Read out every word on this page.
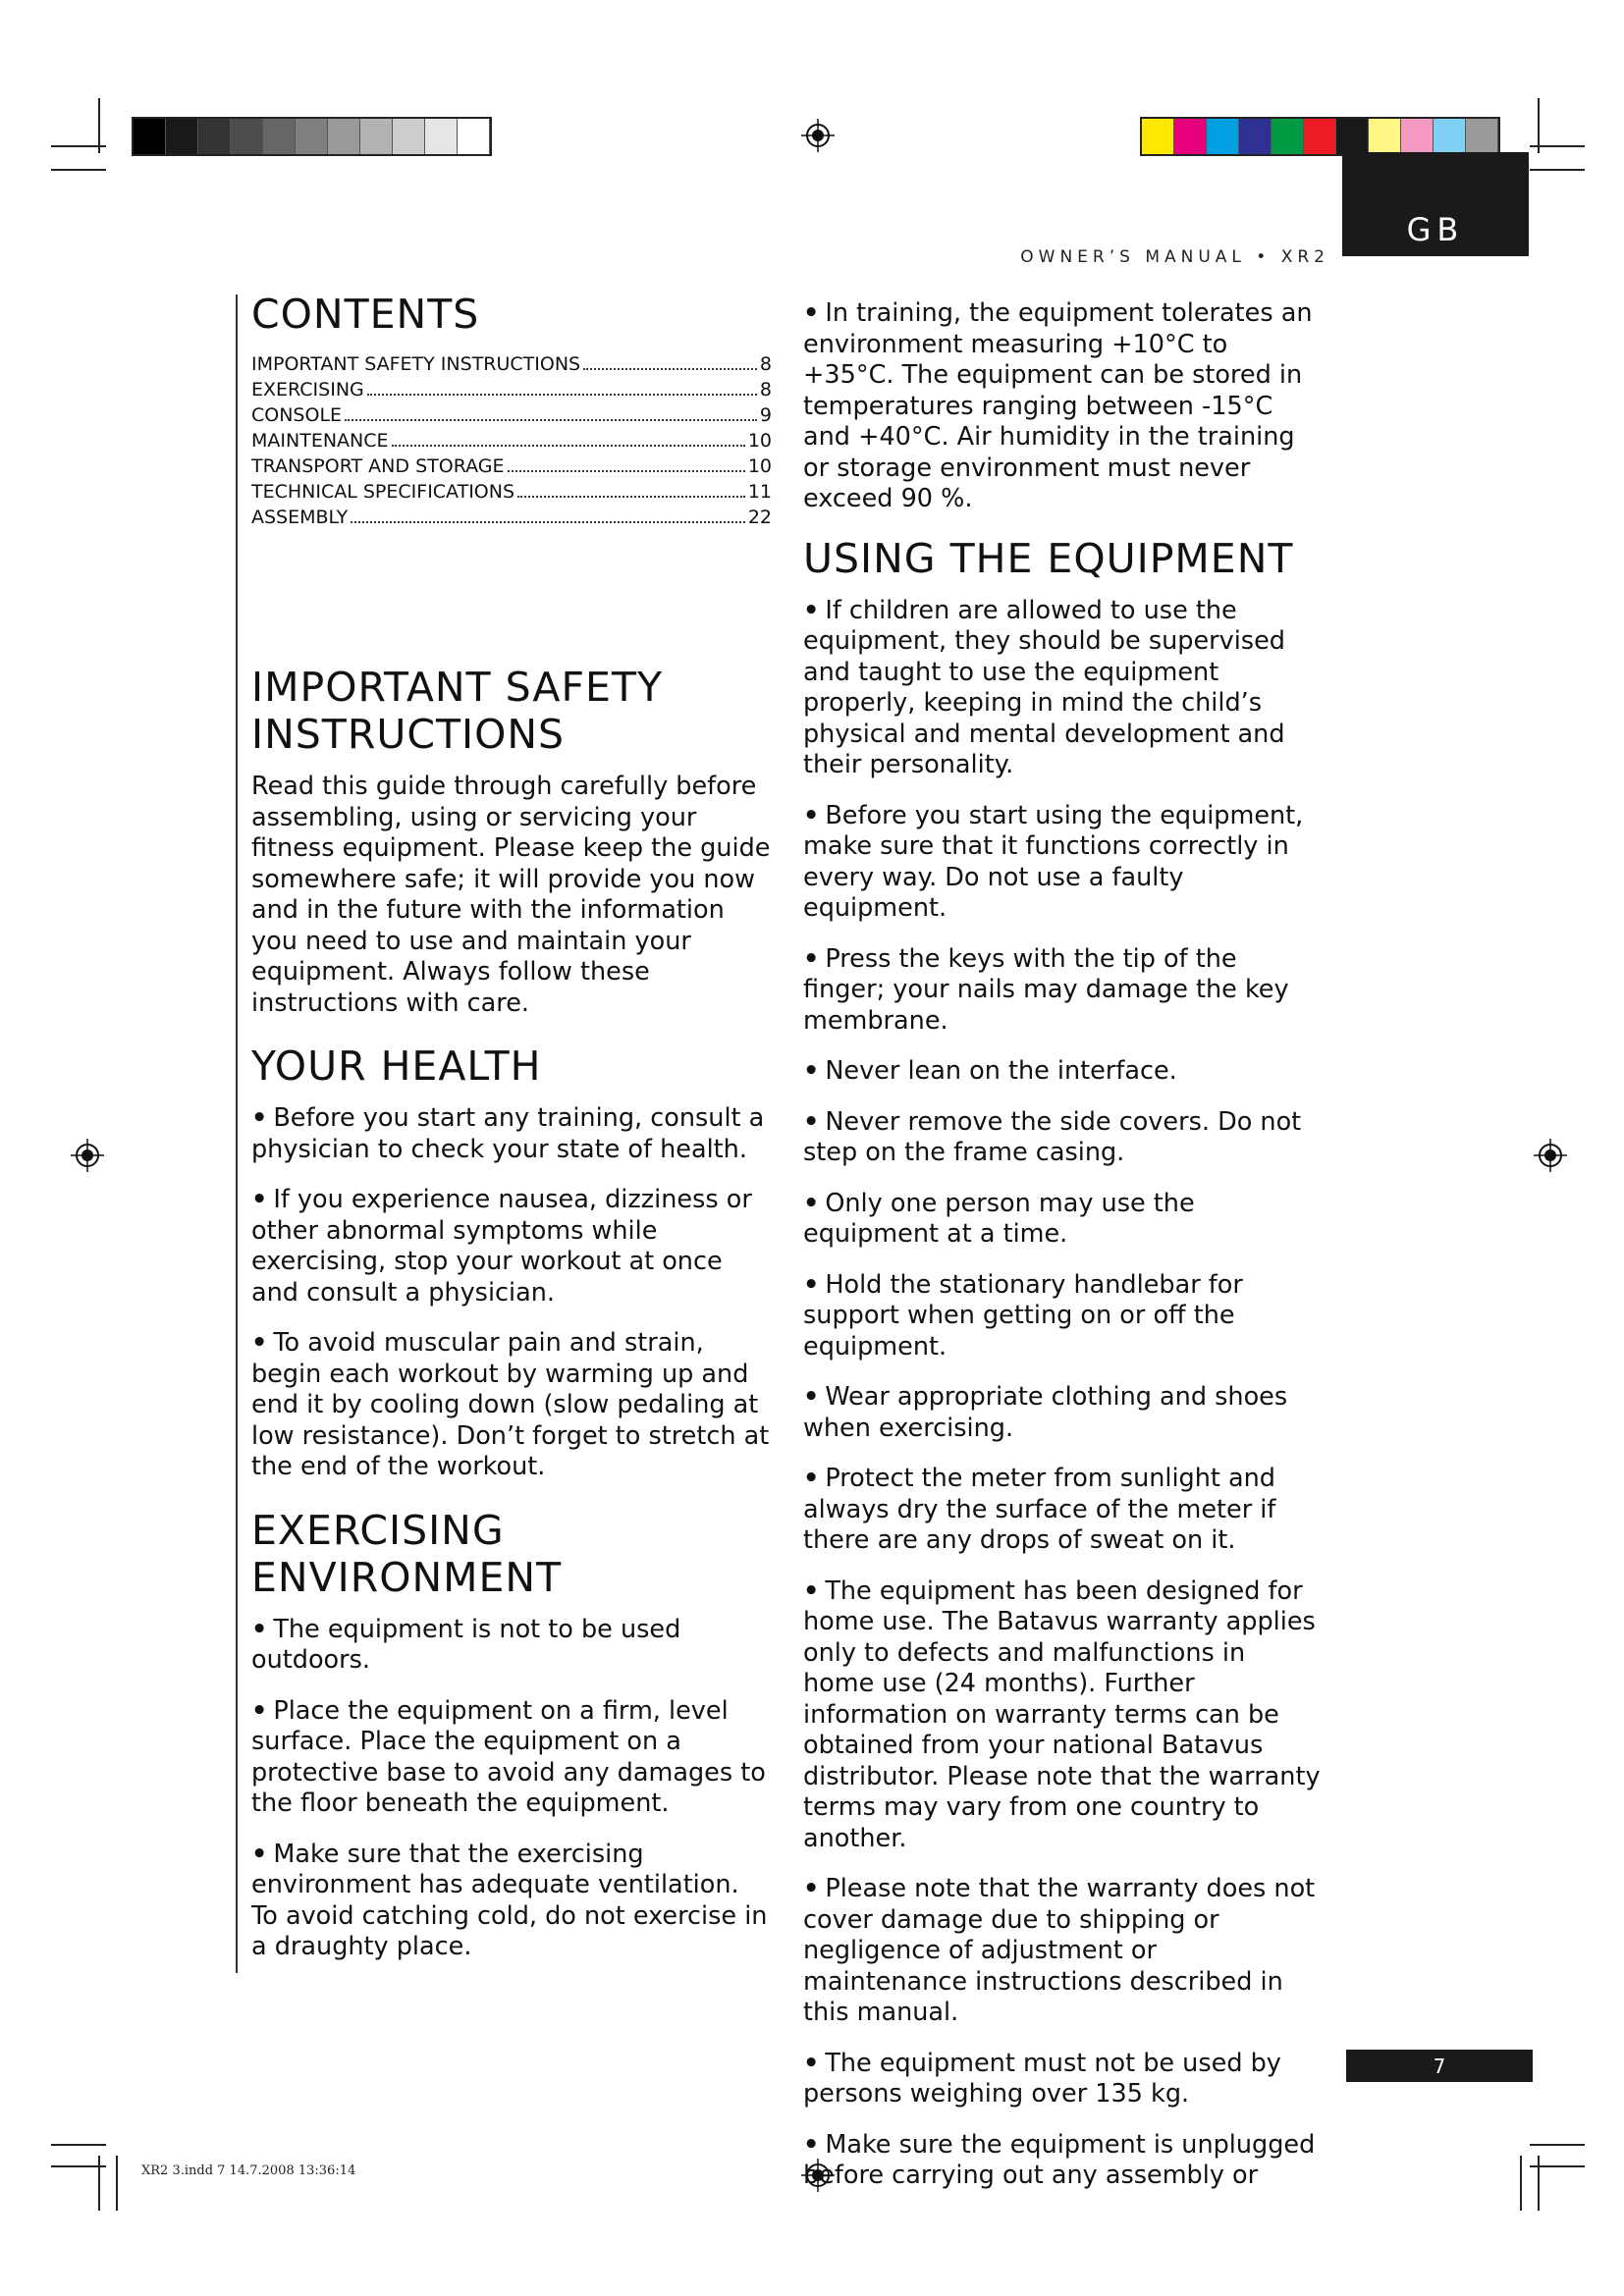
GB
OWNER’S MANUAL • XR2
CONTENTS
IMPORTANT SAFETY INSTRUCTIONS	8
EXERCISING	8
CONSOLE	9
MAINTENANCE	10
TRANSPORT AND STORAGE	10
TECHNICAL SPECIFICATIONS	11
ASSEMBLY	22
IMPORTANT SAFETY INSTRUCTIONS

Read this guide through carefully before assembling, using or servicing your fitness equipment. Please keep the guide somewhere safe; it will provide you now and in the future with the information you need to use and maintain your equipment. Always follow these instructions with care.

YOUR HEALTH
• Before you start any training, consult a physician to check your state of health.
• If you experience nausea, dizziness or other abnormal symptoms while exercising, stop your workout at once and consult a physician.
• To avoid muscular pain and strain, begin each workout by warming up and end it by cooling down (slow pedaling at low resistance). Don’t forget to stretch at the end of the workout.
EXERCISING ENVIRONMENT
• The equipment is not to be used outdoors.
• Place the equipment on a firm, level surface. Place the equipment on a protective base to avoid any damages to the floor beneath the equipment.
• Make sure that the exercising environment has adequate ventilation. To avoid catching cold, do not exercise in a draughty place.
• In training, the equipment tolerates an environment measuring +10°C to +35°C. The equipment can be stored in temperatures ranging between -15°C and +40°C. Air humidity in the training or storage environment must never exceed 90 %.
USING THE EQUIPMENT
• If children are allowed to use the equipment, they should be supervised and taught to use the equipment properly, keeping in mind the child’s physical and mental development and their personality.
• Before you start using the equipment, make sure that it functions correctly in every way. Do not use a faulty equipment.
• Press the keys with the tip of the finger; your nails may damage the key membrane.
• Never lean on the interface.
• Never remove the side covers. Do not step on the frame casing.
• Only one person may use the equipment at a time.
• Hold the stationary handlebar for support when getting on or off the equipment.
• Wear appropriate clothing and shoes when exercising.
• Protect the meter from sunlight and always dry the surface of the meter if there are any drops of sweat on it.
• The equipment has been designed for home use. The Batavus warranty applies only to defects and malfunctions in home use (24 months). Further information on warranty terms can be obtained from your national Batavus distributor. Please note that the warranty terms may vary from one country to another.
• Please note that the warranty does not cover damage due to shipping or negligence of adjustment or maintenance instructions described in this manual.
• The equipment must not be used by persons weighing over 135 kg.
• Make sure the equipment is unplugged before carrying out any assembly or
7
XR2 3.indd 7 14.7.2008 13:36:14
